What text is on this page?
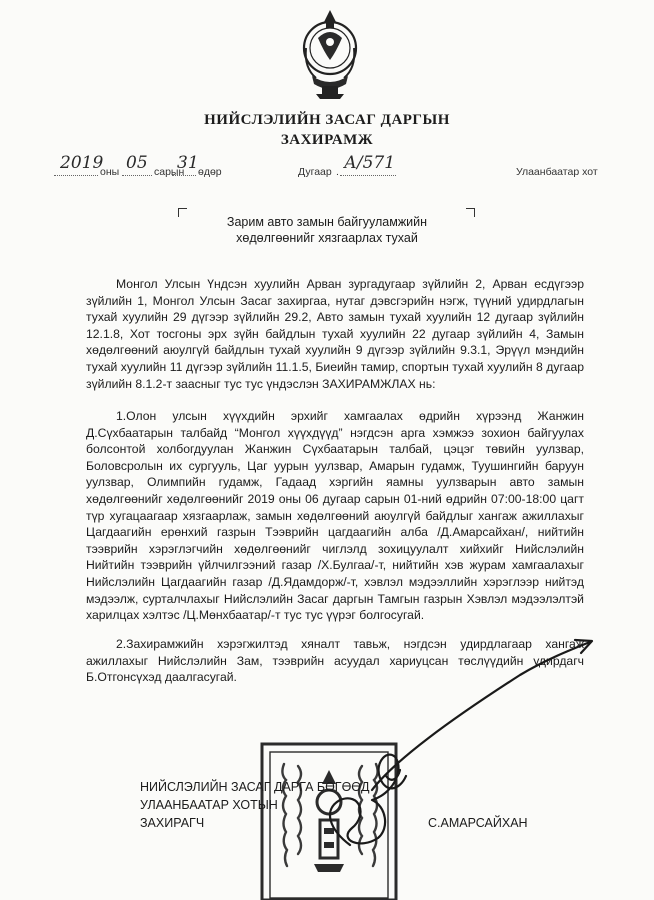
НИЙСЛЭЛИЙН ЗАСАГ ДАРГЫН
ЗАХИРАМЖ
2019
оны 05 сарын
31 өдөр	Дугаар . А/571	Улаанбаатар хот
Зарим авто замын байгууламжийн
хөдөлгөөнийг хязгаарлах тухай
Монгол Улсын Үндсэн хуулийн Арван зургадугаар зүйлийн 2, Арван есдүгээр зүйлийн 1, Монгол Улсын Засаг захиргаа, нутаг дэвсгэрийн нэгж, түүний удирдлагын тухай хуулийн 29 дүгээр зүйлийн 29.2, Авто замын тухай хуулийн 12 дугаар зүйлийн 12.1.8, Хот тосгоны эрх зүйн байдлын тухай хуулийн 22 дугаар зүйлийн 4, Замын хөдөлгөөний аюулгүй байдлын тухай хуулийн 9 дүгээр зүйлийн 9.3.1, Эрүүл мэндийн тухай хуулийн 11 дүгээр зүйлийн 11.1.5, Биеийн тамир, спортын тухай хуулийн 8 дугаар зүйлийн 8.1.2-т заасныг тус тус үндэслэн ЗАХИРАМЖЛАХ нь:
1.Олон улсын хүүхдийн эрхийг хамгаалах өдрийн хүрээнд Жанжин Д.Сүхбаатарын талбайд “Монгол хүүхдүүд” нэгдсэн арга хэмжээ зохион байгуулах болсонтой холбогдуулан Жанжин Сүхбаатарын талбай, цэцэг төвийн уулзвар, Боловсролын их сургууль, Цаг уурын уулзвар, Амарын гудамж, Туушингийн баруун уулзвар, Олимпийн гудамж, Гадаад хэргийн яамны уулзварын авто замын хөдөлгөөнийг хөдөлгөөнийг 2019 оны 06 дугаар сарын 01-ний өдрийн 07:00-18:00 цагт түр хугацаагаар хязгаарлаж, замын хөдөлгөөний аюулгүй байдлыг хангаж ажиллахыг Цагдаагийн ерөнхий газрын Тээврийн цагдаагийн алба /Д.Амарсайхан/, нийтийн тээврийн хэрэглэгчийн хөдөлгөөнийг чиглэлд зохицуулалт хийхийг Нийслэлийн Нийтийн тээврийн үйлчилгээний газар /Х.Булгаа/-т, нийтийн хэв журам хамгаалахыг Нийслэлийн Цагдаагийн газар /Д.Ядамдорж/-т, хэвлэл мэдээллийн хэрэглээр нийтэд мэдээлж, сурталчлахыг Нийслэлийн Засаг даргын Тамгын газрын Хэвлэл мэдээлэлтэй харилцах хэлтэс /Ц.Мөнхбаатар/-т тус тус үүрэг болгосугай.
2.Захирамжийн хэрэгжилтэд хяналт тавьж, нэгдсэн удирдлагаар хангаж ажиллахыг Нийслэлийн Зам, тээврийн асуудал хариуцсан төслүүдийн удирдагч Б.Отгонсүхэд даалгасугай.
НИЙСЛЭЛИЙН ЗАСАГ ДАРГА БӨГӨӨД
УЛААНБААТАР ХОТЫН
ЗАХИРАГЧ	С.АМАРСАЙХАН
